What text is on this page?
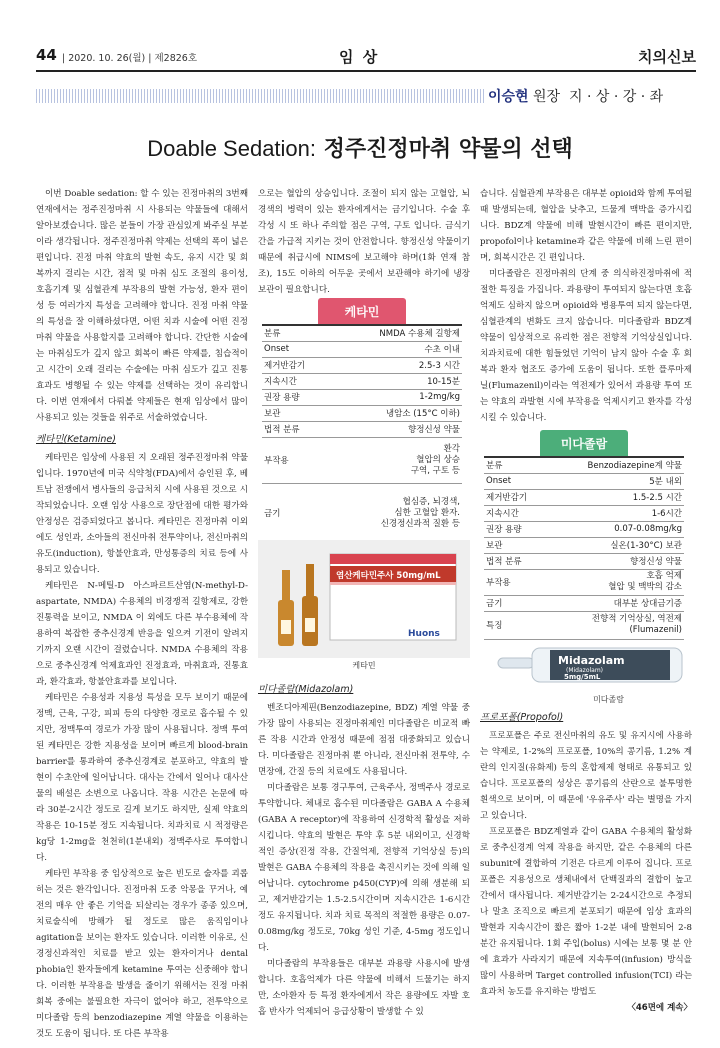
44 | 2020. 10. 26(월) | 제2826호	임 상	치의신보
이승현 원장 지 · 상 · 강 · 좌
Doable Sedation: 정주진정마취 약물의 선택

이번 Doable sedation: 할 수 있는 진정마취의 3번째 연재에서는 정주진정마취 시 사용되는 약물들에 대해서 알아보겠습니다. 많은 분들이 가장 관심있게 봐주실 부분이라 생각됩니다. 정주진정마취 약제는 선택의 폭이 넓은 편입니다. 진정 마취 약효의 발현 속도, 유지 시간 및 회복까지 걸리는 시간, 점적 및 마취 심도 조절의 용이성, 호흡기계 및 심혈관계 부작용의 발현 가능성, 환자 편이성 등 여러가지 특성을 고려해야 합니다. 진정 마취 약물의 특성을 잘 이해하셨다면, 어떤 치과 시술에 어떤 진정마취 약물을 사용할지를 고려해야 합니다. 간단한 시술에는 마취심도가 깊지 않고 회복이 빠른 약제를, 침습적이고 시간이 오래 걸리는 수술에는 마취 심도가 깊고 진통효과도 병행될 수 있는 약제를 선택하는 것이 유리합니다. 이번 연재에서 다뤄볼 약제들은 현재 임상에서 많이 사용되고 있는 것들을 위주로 서술하였습니다.

케타민(Ketamine)

케타민은 임상에 사용된 지 오래된 정주진정마취 약물입니다. 1970년에 미국 식약청(FDA)에서 승인된 후, 베트남 전쟁에서 병사들의 응급처치 시에 사용된 것으로 시작되었습니다. 오랜 임상 사용으로 장단점에 대한 평가와 안정성은 검증되었다고 봅니다. 케타민은 진정마취 이외에도 성인과, 소아들의 전신마취 전투약이나, 전신마취의 유도(induction), 항불안효과, 만성통증의 치료 등에 사용되고 있습니다.

케타민은 N-메틸-D 아스파르트산염(N-methyl-D-aspartate, NMDA) 수용체의 비경쟁적 길항제로, 강한 진통력을 보이고, NMDA 이 외에도 다른 부수용체에 작용하여 복잡한 중추신경계 반응을 일으켜 기전이 알려지기까지 오랜 시간이 걸렸습니다. NMDA 수용체의 작용으로 중추신경계 억제효과인 진정효과, 마취효과, 진통효과, 환각효과, 항불안효과를 보입니다.

케타민은 수용성과 지용성 특성을 모두 보이기 때문에 정맥, 근육, 구강, 피피 등의 다양한 경로로 흡수될 수 있지만, 정맥투여 경로가 가장 많이 사용됩니다. 정맥 투여된 케타민은 강한 지용성을 보이며 빠르게 blood-brain barrier를 통과하여 중추신경계로 분포하고, 약효의 발현이 수초안에 일어납니다. 대사는 간에서 일어나 대사산물의 배설은 소변으로 나옵니다. 작용 시간은 논문에 따라 30분-2시간 정도로 길게 보기도 하지만, 실제 약효의 작용은 10-15분 정도 지속됩니다. 치과치료 시 적정량은 kg당 1-2mg을 천천히(1분내외) 정맥주사로 투여합니다.

케타민 부작용 중 임상적으로 높은 빈도로 술자를 괴롭히는 것은 환각입니다. 진정마취 도중 악몽을 꾸거나, 예전의 매우 안 좋은 기억을 되살리는 경우가 종종 있으며, 치료술식에 방해가 될 정도로 많은 움직임이나 agitation을 보이는 환자도 있습니다. 이러한 이유로, 신경정신과적인 치료를 받고 있는 환자이거나 dental phobia인 환자들에게 ketamine 투여는 신중해야 합니다. 이러한 부작용을 발생을 줄이기 위해서는 진정 마취 회복 중에는 불필요한 자극이 없어야 하고, 전투약으로 미다졸람 등의 benzodiazepine 계열 약물을 이용하는 것도 도움이 됩니다. 또 다른 부작용

으로는 혈압의 상승입니다. 조절이 되지 않는 고혈압, 뇌경색의 병력이 있는 환자에게서는 금기입니다. 수술 후 각성 시 또 하나 주의할 점은 구역, 구토 입니다. 금식기간을 가급적 지키는 것이 안전합니다. 향정신성 약물이기 때문에 취급시에 NIMS에 보고해야 하며(1화 연재 참조), 15도 이하의 어두운 곳에서 보관해야 하기에 냉장 보관이 필요합니다.

케타민
분류	NMDA 수용체 길항제
Onset	수초 이내
제거반감기	2.5-3 시간
지속시간	10-15분
권장 용량	1-2mg/kg
보관	냉암소 (15°C 이하)
법적 분류	향정신성 약물
부작용	환각
혈압의 상승
구역, 구토 등
금기	협심증, 뇌경색,
심한 고혈압 환자.
신경정신과적 질환 등
Huons
염산케타민주사 50mg/mL
케타민
미다졸람(Midazolam)

벤조디아제핀(Benzodiazepine, BDZ) 계열 약물 중 가장 많이 사용되는 진정마취제인 미다졸람은 비교적 빠른 작용 시간과 안정성 때문에 점점 대중화되고 있습니다. 미다졸람은 진정마취 뿐 아니라, 전신마취 전투약, 수면장애, 간질 등의 치료에도 사용됩니다.

미다졸람은 보통 경구투여, 근육주사, 정맥주사 경로로 투약합니다. 체내로 흡수된 미다졸람은 GABA A 수용체(GABA A receptor)에 작용하여 신경학적 활성을 저하시킵니다. 약효의 발현은 투약 후 5분 내외이고, 신경학적인 증상(진정 작용, 간질억제, 전향적 기억상실 등)의 발현은 GABA 수용체의 작용을 촉진시키는 것에 의해 일어납니다. cytochrome p450(CYP)에 의해 생분해 되고, 제거반감기는 1.5-2.5시간이며 지속시간은 1-6시간 정도 유지됩니다. 치과 치료 목적의 적절한 용량은 0.07-0.08mg/kg 정도로, 70kg 성인 기준, 4-5mg 정도입니다.

미다졸람의 부작용들은 대부분 과용량 사용시에 발생합니다. 호흡억제가 다른 약물에 비해서 드물기는 하지만, 소아환자 등 특정 환자에게서 작은 용량에도 자발 호흡 반사가 억제되어 응급상황이 발생할 수 있

습니다. 심혈관계 부작용은 대부분 opioid와 함께 투여될 때 발생되는데, 혈압을 낮추고, 드물게 맥박을 증가시킵니다. BDZ계 약물에 비해 발현시간이 빠른 편이지만, propofol이나 ketamine과 같은 약물에 비해 느린 편이며, 회복시간은 긴 편입니다.

미다졸람은 진정마취의 단계 중 의식하진정마취에 적절한 특징을 가집니다. 과용량이 투여되지 않는다면 호흡억제도 심하지 않으며 opioid와 병용투여 되지 않는다면, 심혈관계의 변화도 크지 않습니다. 미다졸람과 BDZ계 약물이 임상적으로 유리한 점은 전향적 기억상실입니다. 치과치료에 대한 힘들었던 기억이 남지 않아 수술 후 회복과 환자 협조도 증가에 도움이 됩니다. 또한 플루마제닐(Flumazenil)이라는 역전제가 있어서 과용량 투여 또는 약효의 과발현 시에 부작용을 억제시키고 환자를 각성시킬 수 있습니다.

미다졸람
분류	Benzodiazepine계 약물
Onset	5분 내외
제거반감기	1.5-2.5 시간
지속시간	1-6시간
권장 용량	0.07-0.08mg/kg
보관	실온(1-30°C) 보관
법적 분류	향정신성 약물
부작용	호흡 억제
혈압 및 맥박의 감소
금기	대부분 상대금기증
특징	전향적 기억상실, 역전제
(Flumazenil)
Midazolam
(Midazolam)
5mg/5mL
미다졸람
프로포폴(Propofol)

프로포폴은 주로 전신마취의 유도 및 유지시에 사용하는 약제로, 1-2%의 프로포폴, 10%의 콩기름, 1.2% 계란의 인지질(유화제) 등의 혼합제제 형태로 유통되고 있습니다. 프로포폴의 성상은 콩기름의 산란으로 불투명한 흰색으로 보이며, 이 때문에 '우유주사' 라는 별명을 가지고 있습니다.

프로포폴은 BDZ계열과 같이 GABA 수용체의 활성화로 중추신경계 억제 작용을 하지만, 같은 수용체의 다른 subunit에 결합하여 기전은 다르게 이루어 집니다. 프로포폴은 지용성으로 생체내에서 단백질과의 결합이 높고 간에서 대사됩니다. 제거반감기는 2-24시간으로 추정되나 말초 조직으로 빠르게 분포되기 때문에 임상 효과의 발현과 지속시간이 짧은 짧아 1-2분 내에 발현되어 2-8분간 유지됩니다. 1회 주입(bolus) 시에는 보통 몇 분 안에 효과가 사라지기 때문에 지속투여(infusion) 방식을 많이 사용하며 Target controlled infusion(TCI) 라는 효과처 농도를 유지하는 방법도

〈46면에 계속〉
